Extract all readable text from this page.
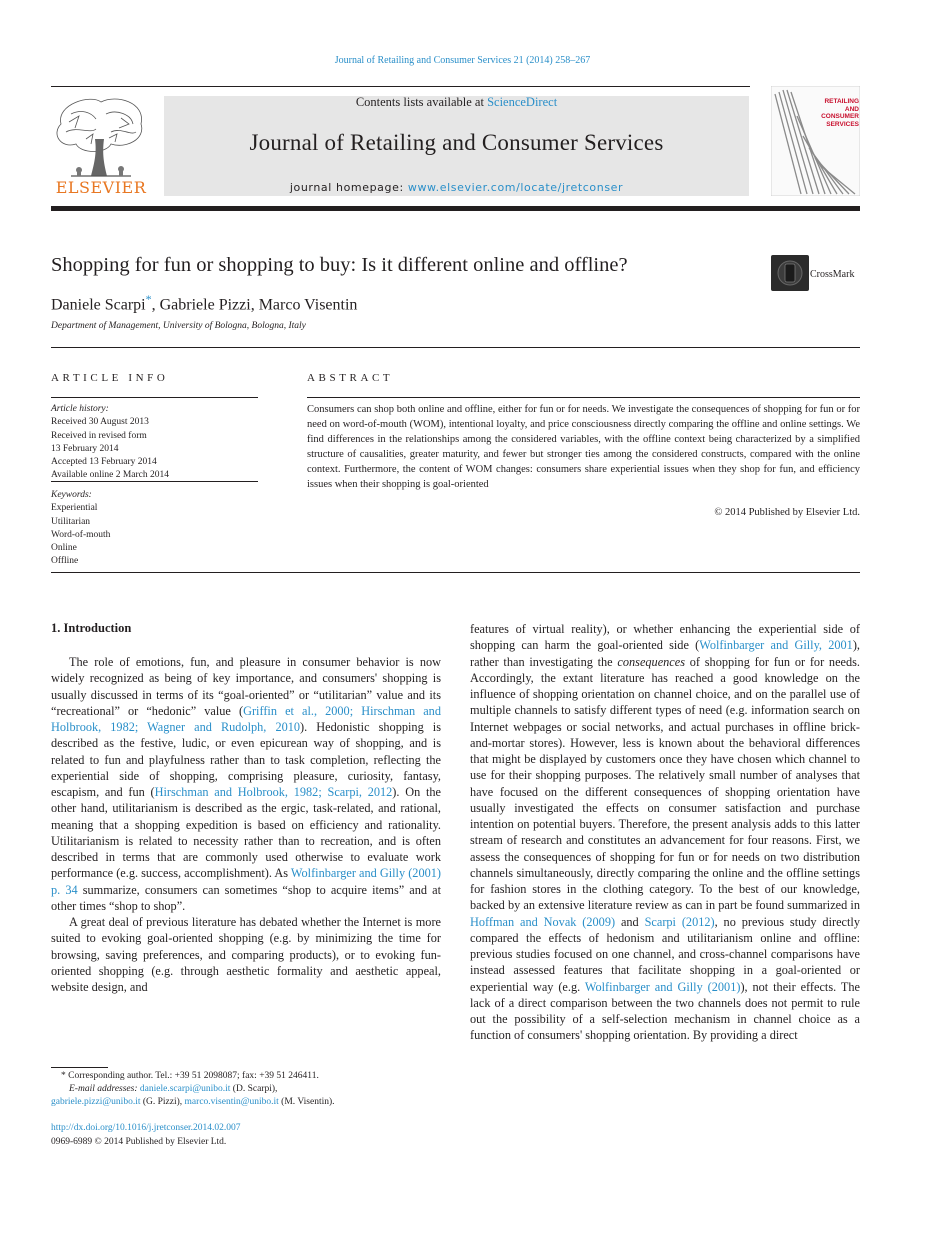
Journal of Retailing and Consumer Services 21 (2014) 258–267
ELSEVIER
Contents lists available at ScienceDirect
Journal of Retailing and Consumer Services
journal homepage: www.elsevier.com/locate/jretconser
RETAILING AND CONSUMER SERVICES
Shopping for fun or shopping to buy: Is it different online and offline?	CrossMark
Daniele Scarpi*, Gabriele Pizzi, Marco Visentin
Department of Management, University of Bologna, Bologna, Italy
ARTICLE INFO	ABSTRACT
Article history:
Received 30 August 2013
Received in revised form
13 February 2014
Accepted 13 February 2014
Available online 2 March 2014
Keywords:
Experiential
Utilitarian
Word-of-mouth
Online
Offline
Consumers can shop both online and offline, either for fun or for needs. We investigate the consequences of shopping for fun or for need on word-of-mouth (WOM), intentional loyalty, and price consciousness directly comparing the offline and online settings. We find differences in the relationships among the considered variables, with the offline context being characterized by a simplified structure of causalities, greater maturity, and fewer but stronger ties among the considered constructs, compared with the online context. Furthermore, the content of WOM changes: consumers share experiential issues when they shop for fun, and efficiency issues when their shopping is goal-oriented
© 2014 Published by Elsevier Ltd.
1. Introduction

The role of emotions, fun, and pleasure in consumer behavior is now widely recognized as being of key importance, and consumers' shopping is usually discussed in terms of its “goal-oriented” or “utilitarian” value and its “recreational” or “hedonic” value (Griffin et al., 2000; Hirschman and Holbrook, 1982; Wagner and Rudolph, 2010). Hedonistic shopping is described as the festive, ludic, or even epicurean way of shopping, and is related to fun and playfulness rather than to task completion, reflecting the experiential side of shopping, comprising pleasure, curiosity, fantasy, escapism, and fun (Hirschman and Holbrook, 1982; Scarpi, 2012). On the other hand, utilitarianism is described as the ergic, task-related, and rational, meaning that a shopping expedition is based on efficiency and rationality. Utilitarianism is related to necessity rather than to recreation, and is often described in terms that are commonly used otherwise to evaluate work performance (e.g. success, accomplishment). As Wolfinbarger and Gilly (2001) p. 34 summarize, consumers can sometimes “shop to acquire items” and at other times “shop to shop”.

A great deal of previous literature has debated whether the Internet is more suited to evoking goal-oriented shopping (e.g. by minimizing the time for browsing, saving preferences, and comparing products), or to evoking fun-oriented shopping (e.g. through aesthetic formality and aesthetic appeal, website design, and

features of virtual reality), or whether enhancing the experiential side of shopping can harm the goal-oriented side (Wolfinbarger and Gilly, 2001), rather than investigating the consequences of shopping for fun or for needs. Accordingly, the extant literature has reached a good knowledge on the influence of shopping orientation on channel choice, and on the parallel use of multiple channels to satisfy different types of need (e.g. information search on Internet webpages or social networks, and actual purchases in offline brick-and-mortar stores). However, less is known about the behavioral differences that might be displayed by customers once they have chosen which channel to use for their shopping purposes. The relatively small number of analyses that have focused on the different consequences of shopping orientation have usually investigated the effects on consumer satisfaction and purchase intention on potential buyers. Therefore, the present analysis adds to this latter stream of research and constitutes an advancement for four reasons. First, we assess the consequences of shopping for fun or for needs on two distribution channels simultaneously, directly comparing the online and the offline settings for fashion stores in the clothing category. To the best of our knowledge, backed by an extensive literature review as can in part be found summarized in Hoffman and Novak (2009) and Scarpi (2012), no previous study directly compared the effects of hedonism and utilitarianism online and offline: previous studies focused on one channel, and cross-channel comparisons have instead assessed features that facilitate shopping in a goal-oriented or experiential way (e.g. Wolfinbarger and Gilly (2001)), not their effects. The lack of a direct comparison between the two channels does not permit to rule out the possibility of a self-selection mechanism in channel choice as a function of consumers' shopping orientation. By providing a direct

* Corresponding author. Tel.: +39 51 2098087; fax: +39 51 246411.
E-mail addresses: daniele.scarpi@unibo.it (D. Scarpi),
gabriele.pizzi@unibo.it (G. Pizzi), marco.visentin@unibo.it (M. Visentin).
http://dx.doi.org/10.1016/j.jretconser.2014.02.007
0969-6989 © 2014 Published by Elsevier Ltd.
